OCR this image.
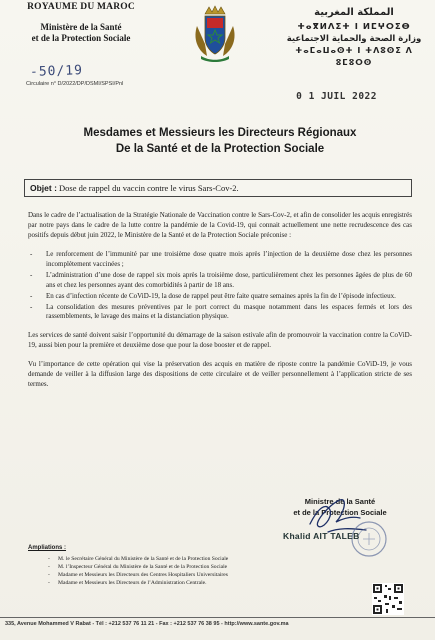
ROYAUME DU MAROC
Ministère de la Santé
et de la Protection Sociale
المملكة المغربية
ⵜⴰⴳⵍⴷⵉⵜ ⵏ ⵍⵎⵖⵔⵉⴱ
وزارة الصحة والحماية الاجتماعية
ⵜⴰⵎⴰⵡⴰⵙⵜ ⵏ ⵜⴷⵓⵙⵉ ⴷ ⵓⵎⵓⵔⵙ
-50/19
Circulaire n° D/2022/DP/DSMI/SPSI/Pnl
0 1 JUIL 2022
Mesdames et Messieurs les Directeurs Régionaux
De la Santé et de la Protection Sociale
Objet : Dose de rappel du vaccin contre le virus Sars-Cov-2.

Dans le cadre de l’actualisation de la Stratégie Nationale de Vaccination contre le Sars-Cov-2, et afin de consolider les acquis enregistrés par notre pays dans le cadre de la lutte contre la pandémie de la Covid-19, qui connait actuellement une nette recrudescence des cas positifs depuis début juin 2022, le Ministère de la Santé et de la Protection Sociale préconise :

- Le renforcement de l’immunité par une troisième dose quatre mois après l’injection de la deuxième dose chez les personnes incomplètement vaccinées ;
- L’administration d’une dose de rappel six mois après la troisième dose, particulièrement chez les personnes âgées de plus de 60 ans et chez les personnes ayant des comorbidités à partir de 18 ans.
- En cas d’infection récente de CoViD-19, la dose de rappel peut être faite quatre semaines après la fin de l’épisode infectieux.
- La consolidation des mesures préventives par le port correct du masque notamment dans les espaces fermés et lors des rassemblements, le lavage des mains et la distanciation physique.

Les services de santé doivent saisir l’opportunité du démarrage de la saison estivale afin de promouvoir la vaccination contre la CoViD-19, aussi bien pour la première et deuxième dose que pour la dose booster et de rappel.

Vu l’importance de cette opération qui vise la préservation des acquis en matière de riposte contre la pandémie CoViD-19, je vous demande de veiller à la diffusion large des dispositions de cette circulaire et de veiller personnellement à l’application stricte de ses termes.

Ministre de la Santé
et de la Protection Sociale
Khalid AIT TALEB
Ampliations :
- M. le Secrétaire Général du Ministère de la Santé et de la Protection Sociale
- M. l’Inspecteur Général du Ministère de la Santé et de la Protection Sociale
- Madame et Messieurs les Directeurs des Centres Hospitaliers Universitaires
- Madame et Messieurs les Directeurs de l’Administration Centrale.
335, Avenue Mohammed V Rabat - Tél : +212 537 76 11 21 - Fax : +212 537 76 38 95 - http://www.sante.gov.ma
